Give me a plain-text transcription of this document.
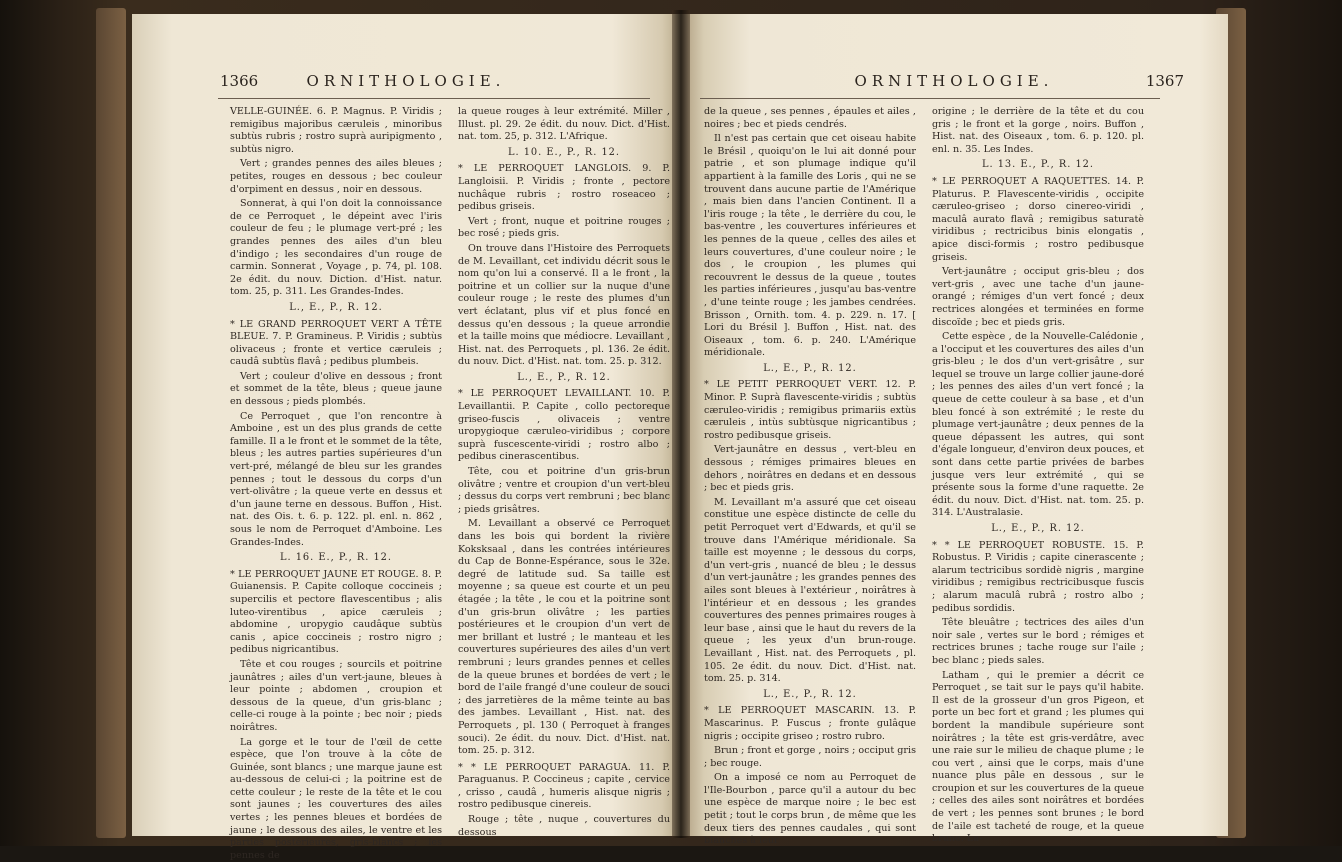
1366	ORNITHOLOGIE.

VELLE-GUINÉE. 6. P. Magnus. P. Viridis ; remigibus majoribus cæruleis , minoribus subtùs rubris ; rostro suprà auripigmento , subtùs nigro.

Vert ; grandes pennes des ailes bleues ; petites, rouges en dessous ; bec couleur d'orpiment en dessus , noir en dessous.

Sonnerat, à qui l'on doit la connoissance de ce Perroquet , le dépeint avec l'iris couleur de feu ; le plumage vert-pré ; les grandes pennes des ailes d'un bleu d'indigo ; les secondaires d'un rouge de carmin. Sonnerat , Voyage , p. 74, pl. 108. 2e édit. du nouv. Diction. d'Hist. natur. tom. 25, p. 311. Les Grandes-Indes.

L., E., P., R. 12.

* LE GRAND PERROQUET VERT A TÊTE BLEUE. 7. P. Gramineus. P. Viridis ; subtùs olivaceus ; fronte et vertice cæruleis ; caudâ subtùs flavâ ; pedibus plumbeis.

Vert ; couleur d'olive en dessous ; front et sommet de la tête, bleus ; queue jaune en dessous ; pieds plombés.

Ce Perroquet , que l'on rencontre à Amboine , est un des plus grands de cette famille. Il a le front et le sommet de la tête, bleus ; les autres parties supérieures d'un vert-pré, mélangé de bleu sur les grandes pennes ; tout le dessous du corps d'un vert-olivâtre ; la queue verte en dessus et d'un jaune terne en dessous. Buffon , Hist. nat. des Ois. t. 6. p. 122. pl. enl. n. 862 , sous le nom de Perroquet d'Amboine. Les Grandes-Indes.

L. 16. E., P., R. 12.

* LE PERROQUET JAUNE ET ROUGE. 8. P. Guianensis. P. Capite colloque coccineis ; supercilis et pectore flavescentibus ; alis luteo-virentibus , apice cæruleis ; abdomine , uropygio caudâque subtùs canis , apice coccineis ; rostro nigro ; pedibus nigricantibus.

Tête et cou rouges ; sourcils et poitrine jaunâtres ; ailes d'un vert-jaune, bleues à leur pointe ; abdomen , croupion et dessous de la queue, d'un gris-blanc ; celle-ci rouge à la pointe ; bec noir ; pieds noirâtres.

La gorge et le tour de l'œil de cette espèce, que l'on trouve à la côte de Guinée, sont blancs ; une marque jaune est au-dessous de celui-ci ; la poitrine est de cette couleur ; le reste de la tête et le cou sont jaunes ; les couvertures des ailes vertes ; les pennes bleues et bordées de jaune ; le dessous des ailes, le ventre et les parties postérieures, gris-blancs ; les pennes de

la queue rouges à leur extrémité. Miller , Illust. pl. 29. 2e édit. du nouv. Dict. d'Hist. nat. tom. 25, p. 312. L'Afrique.

L. 10. E., P., R. 12.

* LE PERROQUET LANGLOIS. 9. P. Langloisii. P. Viridis ; fronte , pectore nuchâque rubris ; rostro roseaceo ; pedibus griseis.

Vert ; front, nuque et poitrine rouges ; bec rosé ; pieds gris.

On trouve dans l'Histoire des Perroquets de M. Levaillant, cet individu décrit sous le nom qu'on lui a conservé. Il a le front , la poitrine et un collier sur la nuque d'une couleur rouge ; le reste des plumes d'un vert éclatant, plus vif et plus foncé en dessus qu'en dessous ; la queue arrondie et la taille moins que médiocre. Levaillant , Hist. nat. des Perroquets , pl. 136. 2e édit. du nouv. Dict. d'Hist. nat. tom. 25. p. 312.

L., E., P., R. 12.

* LE PERROQUET LEVAILLANT. 10. P. Levaillantii. P. Capite , collo pectoreque griseo-fuscis , olivaceis ; ventre uropygioque cæruleo-viridibus ; corpore suprà fuscescente-viridi ; rostro albo ; pedibus cinerascentibus.

Tête, cou et poitrine d'un gris-brun olivâtre ; ventre et croupion d'un vert-bleu ; dessus du corps vert rembruni ; bec blanc ; pieds grisâtres.

M. Levaillant a observé ce Perroquet dans les bois qui bordent la rivière Koksksaal , dans les contrées intérieures du Cap de Bonne-Espérance, sous le 32e. degré de latitude sud. Sa taille est moyenne ; sa queue est courte et un peu étagée ; la tête , le cou et la poitrine sont d'un gris-brun olivâtre ; les parties postérieures et le croupion d'un vert de mer brillant et lustré ; le manteau et les couvertures supérieures des ailes d'un vert rembruni ; leurs grandes pennes et celles de la queue brunes et bordées de vert ; le bord de l'aile frangé d'une couleur de souci ; des jarretières de la même teinte au bas des jambes. Levaillant , Hist. nat. des Perroquets , pl. 130 ( Perroquet à franges souci). 2e édit. du nouv. Dict. d'Hist. nat. tom. 25. p. 312.

* * LE PERROQUET PARAGUA. 11. P. Paraguanus. P. Coccineus ; capite , cervice , crisso , caudâ , humeris alisque nigris ; rostro pedibusque cinereis.

Rouge ; tête , nuque , couvertures du dessous

ORNITHOLOGIE.	1367

de la queue , ses pennes , épaules et ailes , noires ; bec et pieds cendrés.

Il n'est pas certain que cet oiseau habite le Brésil , quoiqu'on le lui ait donné pour patrie , et son plumage indique qu'il appartient à la famille des Loris , qui ne se trouvent dans aucune partie de l'Amérique , mais bien dans l'ancien Continent. Il a l'iris rouge ; la tête , le derrière du cou, le bas-ventre , les couvertures inférieures et les pennes de la queue , celles des ailes et leurs couvertures, d'une couleur noire ; le dos , le croupion , les plumes qui recouvrent le dessus de la queue , toutes les parties inférieures , jusqu'au bas-ventre , d'une teinte rouge ; les jambes cendrées. Brisson , Ornith. tom. 4. p. 229. n. 17. [ Lori du Brésil ]. Buffon , Hist. nat. des Oiseaux , tom. 6. p. 240. L'Amérique méridionale.

L., E., P., R. 12.

* LE PETIT PERROQUET VERT. 12. P. Minor. P. Suprà flavescente-viridis ; subtùs cæruleo-viridis ; remigibus primariis extùs cæruleis , intùs subtùsque nigricantibus ; rostro pedibusque griseis.

Vert-jaunâtre en dessus , vert-bleu en dessous ; rémiges primaires bleues en dehors , noirâtres en dedans et en dessous ; bec et pieds gris.

M. Levaillant m'a assuré que cet oiseau constitue une espèce distincte de celle du petit Perroquet vert d'Edwards, et qu'il se trouve dans l'Amérique méridionale. Sa taille est moyenne ; le dessous du corps, d'un vert-gris , nuancé de bleu ; le dessus d'un vert-jaunâtre ; les grandes pennes des ailes sont bleues à l'extérieur , noirâtres à l'intérieur et en dessous ; les grandes couvertures des pennes primaires rouges à leur base , ainsi que le haut du revers de la queue ; les yeux d'un brun-rouge. Levaillant , Hist. nat. des Perroquets , pl. 105. 2e édit. du nouv. Dict. d'Hist. nat. tom. 25. p. 314.

L., E., P., R. 12.

* LE PERROQUET MASCARIN. 13. P. Mascarinus. P. Fuscus ; fronte gulâque nigris ; occipite griseo ; rostro rubro.

Brun ; front et gorge , noirs ; occiput gris ; bec rouge.

On a imposé ce nom au Perroquet de l'Ile-Bourbon , parce qu'il a autour du bec une espèce de marque noire ; le bec est petit ; tout le corps brun , de même que les deux tiers des pennes caudales , qui sont blanches à leur

origine ; le derrière de la tête et du cou gris ; le front et la gorge , noirs. Buffon , Hist. nat. des Oiseaux , tom. 6. p. 120. pl. enl. n. 35. Les Indes.

L. 13. E., P., R. 12.

* LE PERROQUET A RAQUETTES. 14. P. Platurus. P. Flavescente-viridis , occipite cæruleo-griseo ; dorso cinereo-viridi , maculâ aurato flavâ ; remigibus saturatè viridibus ; rectricibus binis elongatis , apice disci-formis ; rostro pedibusque griseis.

Vert-jaunâtre ; occiput gris-bleu ; dos vert-gris , avec une tache d'un jaune-orangé ; rémiges d'un vert foncé ; deux rectrices alongées et terminées en forme discoïde ; bec et pieds gris.

Cette espèce , de la Nouvelle-Calédonie , a l'occiput et les couvertures des ailes d'un gris-bleu ; le dos d'un vert-grisâtre , sur lequel se trouve un large collier jaune-doré ; les pennes des ailes d'un vert foncé ; la queue de cette couleur à sa base , et d'un bleu foncé à son extrémité ; le reste du plumage vert-jaunâtre ; deux pennes de la queue dépassent les autres, qui sont d'égale longueur, d'environ deux pouces, et sont dans cette partie privées de barbes jusque vers leur extrémité , qui se présente sous la forme d'une raquette. 2e édit. du nouv. Dict. d'Hist. nat. tom. 25. p. 314. L'Australasie.

L., E., P., R. 12.

* * LE PERROQUET ROBUSTE. 15. P. Robustus. P. Viridis ; capite cinerascente ; alarum tectricibus sordidè nigris , margine viridibus ; remigibus rectricibusque fuscis ; alarum maculâ rubrâ ; rostro albo ; pedibus sordidis.

Tête bleuâtre ; tectrices des ailes d'un noir sale , vertes sur le bord ; rémiges et rectrices brunes ; tache rouge sur l'aile ; bec blanc ; pieds sales.

Latham , qui le premier a décrit ce Perroquet , se tait sur le pays qu'il habite. Il est de la grosseur d'un gros Pigeon, et porte un bec fort et grand ; les plumes qui bordent la mandibule supérieure sont noirâtres ; la tête est gris-verdâtre, avec une raie sur le milieu de chaque plume ; le cou vert , ainsi que le corps, mais d'une nuance plus pâle en dessous , sur le croupion et sur les couvertures de la queue ; celles des ailes sont noirâtres et bordées de vert ; les pennes sont brunes ; le bord de l'aile est tacheté de rouge, et la queue brune. La-
